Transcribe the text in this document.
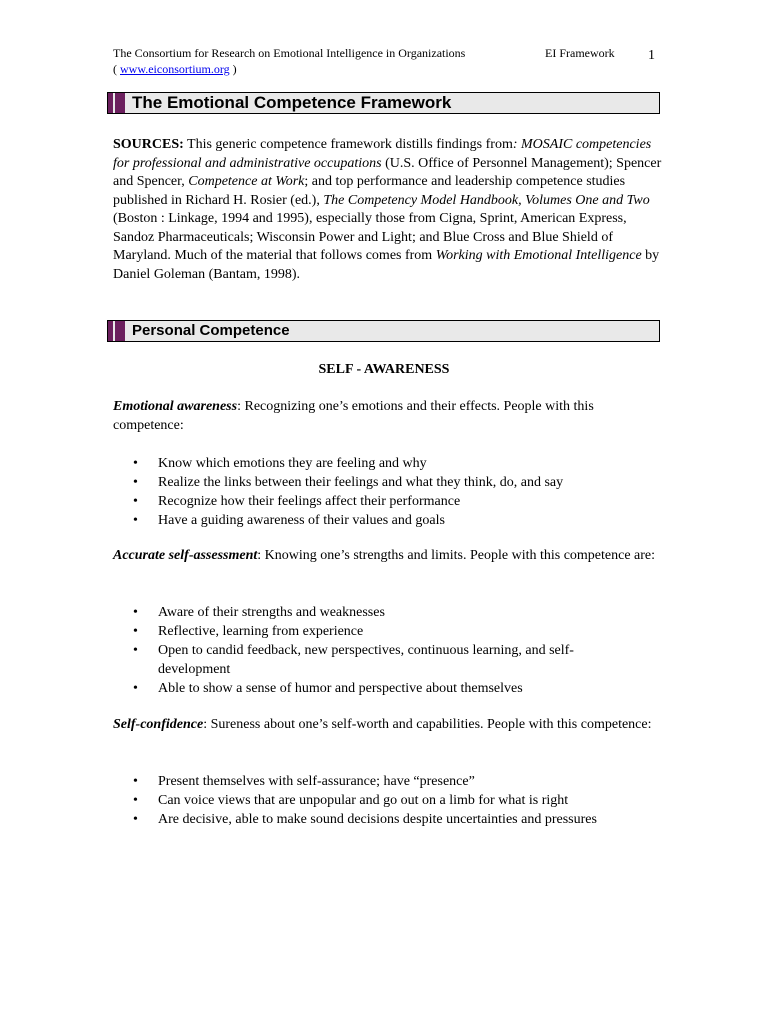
The Consortium for Research on Emotional Intelligence in Organizations
( www.eiconsortium.org )
EI Framework 1
The Emotional Competence Framework
SOURCES: This generic competence framework distills findings from: MOSAIC competencies for professional and administrative occupations (U.S. Office of Personnel Management); Spencer and Spencer, Competence at Work; and top performance and leadership competence studies published in Richard H. Rosier (ed.), The Competency Model Handbook, Volumes One and Two (Boston : Linkage, 1994 and 1995), especially those from Cigna, Sprint, American Express, Sandoz Pharmaceuticals; Wisconsin Power and Light; and Blue Cross and Blue Shield of Maryland. Much of the material that follows comes from Working with Emotional Intelligence by Daniel Goleman (Bantam, 1998).
Personal Competence
SELF - AWARENESS
Emotional awareness: Recognizing one’s emotions and their effects. People with this competence:
• Know which emotions they are feeling and why
• Realize the links between their feelings and what they think, do, and say
• Recognize how their feelings affect their performance
• Have a guiding awareness of their values and goals
Accurate self-assessment: Knowing one’s strengths and limits. People with this competence are:
• Aware of their strengths and weaknesses
• Reflective, learning from experience
• Open to candid feedback, new perspectives, continuous learning, and self-development
• Able to show a sense of humor and perspective about themselves
Self-confidence: Sureness about one’s self-worth and capabilities. People with this competence:
• Present themselves with self-assurance; have “presence”
• Can voice views that are unpopular and go out on a limb for what is right
• Are decisive, able to make sound decisions despite uncertainties and pressures
